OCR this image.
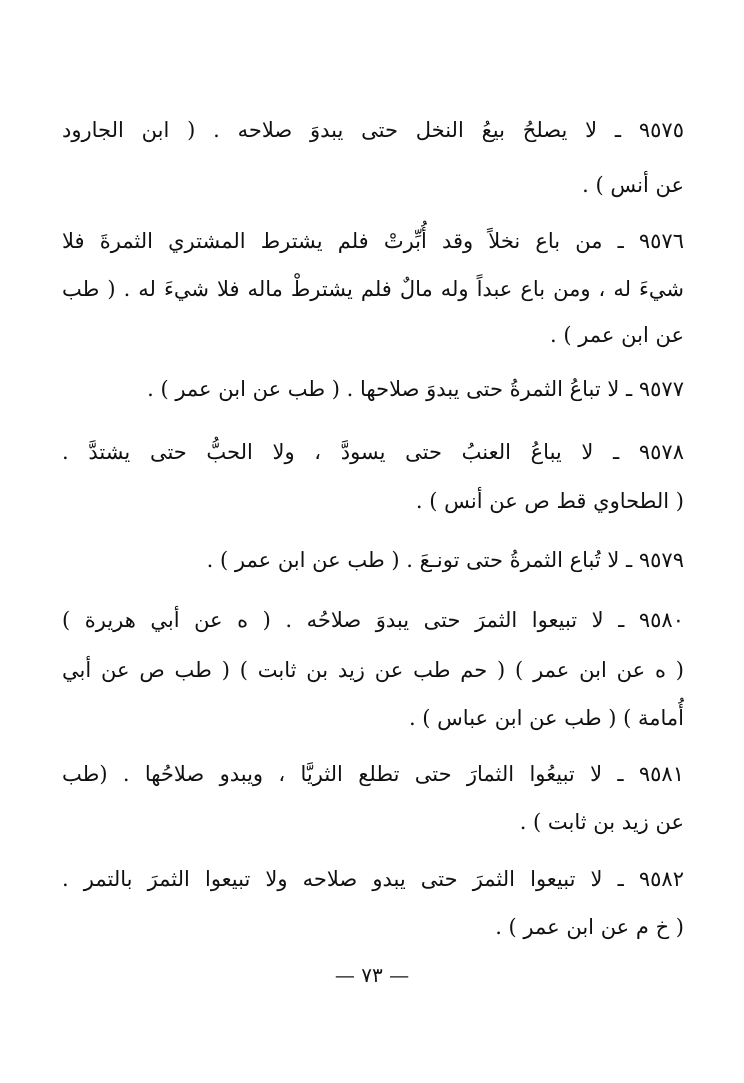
٩٥٧٥ ـ لا يصلحُ بيعُ النخل حتى يبدوَ صلاحه . ( ابن الجارود
عن أنس ) .
٩٥٧٦ ـ من باع نخلاً وقد أُبِّرتْ فلم يشترط المشتري الثمرةَ فلا
شيءَ له ، ومن باع عبداً وله مالٌ فلم يشترطْ ماله فلا شيءَ له . ( طب
عن ابن عمر ) .
٩٥٧٧ ـ لا تباعُ الثمرةُ حتى يبدوَ صلاحها . ( طب عن ابن عمر ) .
٩٥٧٨ ـ لا يباعُ العنبُ حتى يسودَّ ، ولا الحبُّ حتى يشتدَّ .
( الطحاوي قط ص عن أنس ) .
٩٥٧٩ ـ لا تُباع الثمرةُ حتى تونـعَ . ( طب عن ابن عمر ) .
٩٥٨٠ ـ لا تبيعوا الثمرَ حتى يبدوَ صلاحُه . ( ه عن أبي هريرة )
( ه عن ابن عمر ) ( حم طب عن زيد بن ثابت ) ( طب ص عن أبي
أُمامة ) ( طب عن ابن عباس ) .
٩٥٨١ ـ لا تبيعُوا الثمارَ حتى تطلع الثريَّا ، ويبدو صلاحُها . (طب
عن زيد بن ثابت ) .
٩٥٨٢ ـ لا تبيعوا الثمرَ حتى يبدو صلاحه ولا تبيعوا الثمرَ بالتمر .
( خ م عن ابن عمر ) .
— ٧٣ —
